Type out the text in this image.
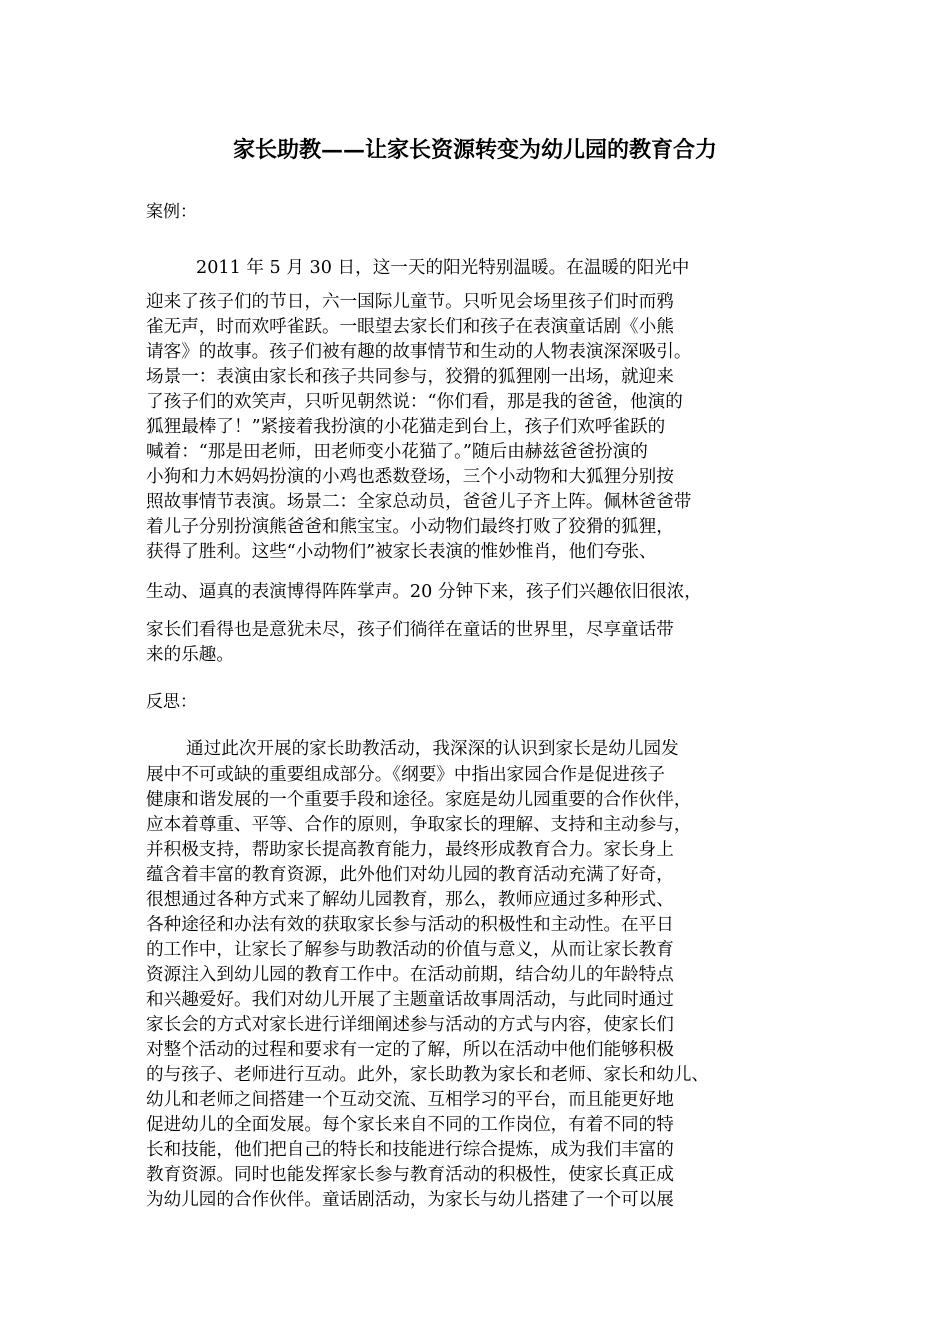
家长助教——让家长资源转变为幼儿园的教育合力

案例：

2011 年 5 月 30 日，这一天的阳光特别温暖。在温暖的阳光中

迎来了孩子们的节日，六一国际儿童节。只听见会场里孩子们时而鸦
雀无声，时而欢呼雀跃。一眼望去家长们和孩子在表演童话剧《小熊
请客》的故事。孩子们被有趣的故事情节和生动的人物表演深深吸引。
场景一：表演由家长和孩子共同参与，狡猾的狐狸刚一出场，就迎来
了孩子们的欢笑声，只听见朝然说：“你们看，那是我的爸爸，他演的
狐狸最棒了！”紧接着我扮演的小花猫走到台上，孩子们欢呼雀跃的
喊着：“那是田老师，田老师变小花猫了。”随后由赫兹爸爸扮演的
小狗和力木妈妈扮演的小鸡也悉数登场，三个小动物和大狐狸分别按
照故事情节表演。场景二：全家总动员，爸爸儿子齐上阵。佩林爸爸带
着儿子分别扮演熊爸爸和熊宝宝。小动物们最终打败了狡猾的狐狸，
获得了胜利。这些“小动物们”被家长表演的惟妙惟肖，他们夸张、
生动、逼真的表演博得阵阵掌声。20 分钟下来，孩子们兴趣依旧很浓，
家长们看得也是意犹未尽，孩子们徜徉在童话的世界里，尽享童话带
来的乐趣。

反思：

通过此次开展的家长助教活动，我深深的认识到家长是幼儿园发

展中不可或缺的重要组成部分。《纲要》中指出家园合作是促进孩子
健康和谐发展的一个重要手段和途径。家庭是幼儿园重要的合作伙伴，
应本着尊重、平等、合作的原则，争取家长的理解、支持和主动参与，
并积极支持，帮助家长提高教育能力，最终形成教育合力。家长身上
蕴含着丰富的教育资源，此外他们对幼儿园的教育活动充满了好奇，
很想通过各种方式来了解幼儿园教育，那么，教师应通过多种形式、
各种途径和办法有效的获取家长参与活动的积极性和主动性。在平日
的工作中，让家长了解参与助教活动的价值与意义，从而让家长教育
资源注入到幼儿园的教育工作中。在活动前期，结合幼儿的年龄特点
和兴趣爱好。我们对幼儿开展了主题童话故事周活动，与此同时通过
家长会的方式对家长进行详细阐述参与活动的方式与内容，使家长们
对整个活动的过程和要求有一定的了解，所以在活动中他们能够积极
的与孩子、老师进行互动。此外，家长助教为家长和老师、家长和幼儿、
幼儿和老师之间搭建一个互动交流、互相学习的平台，而且能更好地
促进幼儿的全面发展。每个家长来自不同的工作岗位，有着不同的特
长和技能，他们把自己的特长和技能进行综合提炼，成为我们丰富的
教育资源。同时也能发挥家长参与教育活动的积极性，使家长真正成
为幼儿园的合作伙伴。童话剧活动，为家长与幼儿搭建了一个可以展
